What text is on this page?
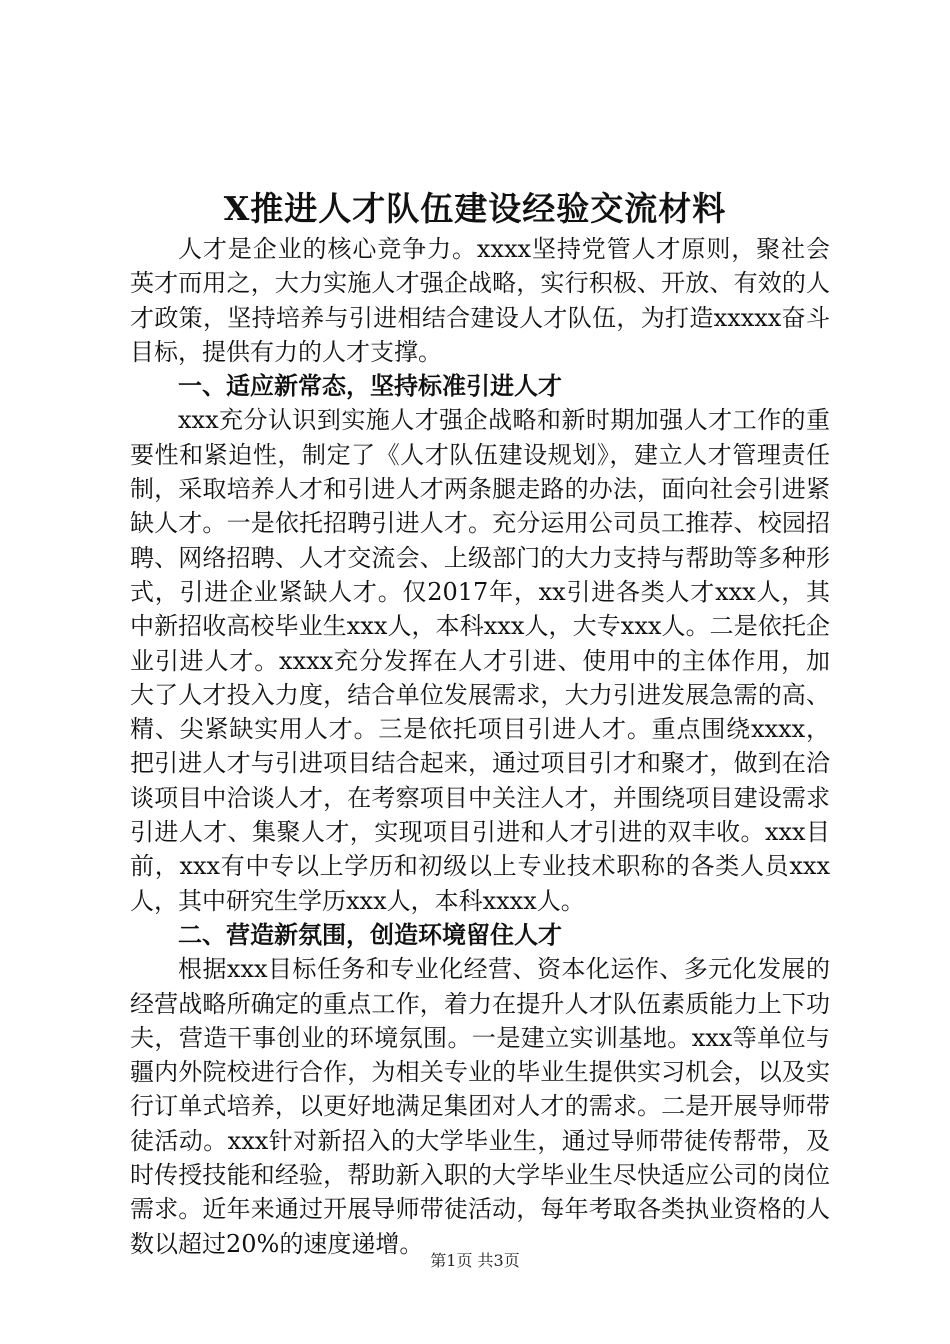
X推进人才队伍建设经验交流材料

人才是企业的核心竞争力。xxxx坚持党管人才原则，聚社会英才而用之，大力实施人才强企战略，实行积极、开放、有效的人才政策，坚持培养与引进相结合建设人才队伍，为打造xxxxx奋斗目标，提供有力的人才支撑。

一、适应新常态，坚持标准引进人才

xxx充分认识到实施人才强企战略和新时期加强人才工作的重要性和紧迫性，制定了《人才队伍建设规划》，建立人才管理责任制，采取培养人才和引进人才两条腿走路的办法，面向社会引进紧缺人才。一是依托招聘引进人才。充分运用公司员工推荐、校园招聘、网络招聘、人才交流会、上级部门的大力支持与帮助等多种形式，引进企业紧缺人才。仅2017年，xx引进各类人才xxx人，其中新招收高校毕业生xxx人，本科xxx人，大专xxx人。二是依托企业引进人才。xxxx充分发挥在人才引进、使用中的主体作用，加大了人才投入力度，结合单位发展需求，大力引进发展急需的高、精、尖紧缺实用人才。三是依托项目引进人才。重点围绕xxxx，把引进人才与引进项目结合起来，通过项目引才和聚才，做到在洽谈项目中洽谈人才，在考察项目中关注人才，并围绕项目建设需求引进人才、集聚人才，实现项目引进和人才引进的双丰收。xxx目前，xxx有中专以上学历和初级以上专业技术职称的各类人员xxx人，其中研究生学历xxx人，本科xxxx人。

二、营造新氛围，创造环境留住人才

根据xxx目标任务和专业化经营、资本化运作、多元化发展的经营战略所确定的重点工作，着力在提升人才队伍素质能力上下功夫，营造干事创业的环境氛围。一是建立实训基地。xxx等单位与疆内外院校进行合作，为相关专业的毕业生提供实习机会，以及实行订单式培养，以更好地满足集团对人才的需求。二是开展导师带徒活动。xxx针对新招入的大学毕业生，通过导师带徒传帮带，及时传授技能和经验，帮助新入职的大学毕业生尽快适应公司的岗位需求。近年来通过开展导师带徒活动，每年考取各类执业资格的人数以超过20%的速度递增。

第1页 共3页
